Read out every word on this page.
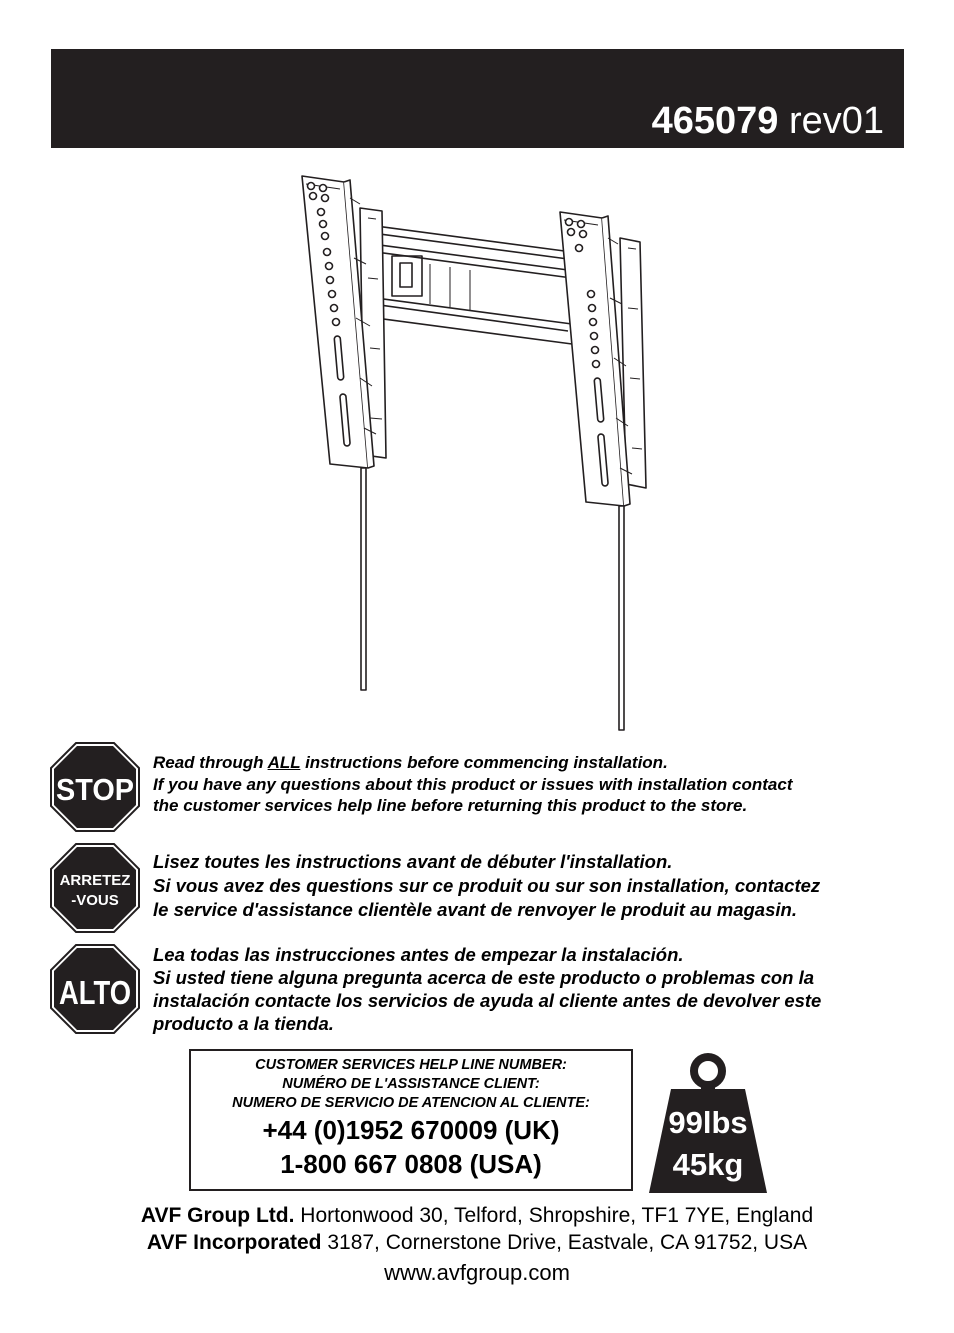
465079 rev01
STOP
Read through ALL instructions before commencing installation.
If you have any questions about this product or issues with installation contact
the customer services help line before returning this product to the store.
ARRETEZ
-VOUS
Lisez toutes les instructions avant de débuter l'installation.
Si vous avez des questions sur ce produit ou sur son installation, contactez
le service d'assistance clientèle avant de renvoyer le produit au magasin.
ALTO
Lea todas las instrucciones antes de empezar la instalación.
Si usted tiene alguna pregunta acerca de este producto o problemas con la
instalación contacte los servicios de ayuda al cliente antes de devolver este
producto a la tienda.
CUSTOMER SERVICES HELP LINE NUMBER:
NUMÉRO DE L'ASSISTANCE CLIENT:
NUMERO DE SERVICIO DE ATENCION AL CLIENTE:
+44 (0)1952 670009 (UK)
1-800 667 0808 (USA)
99lbs
45kg
AVF Group Ltd. Hortonwood 30, Telford, Shropshire, TF1 7YE, England
AVF Incorporated 3187, Cornerstone Drive, Eastvale, CA 91752, USA
www.avfgroup.com
